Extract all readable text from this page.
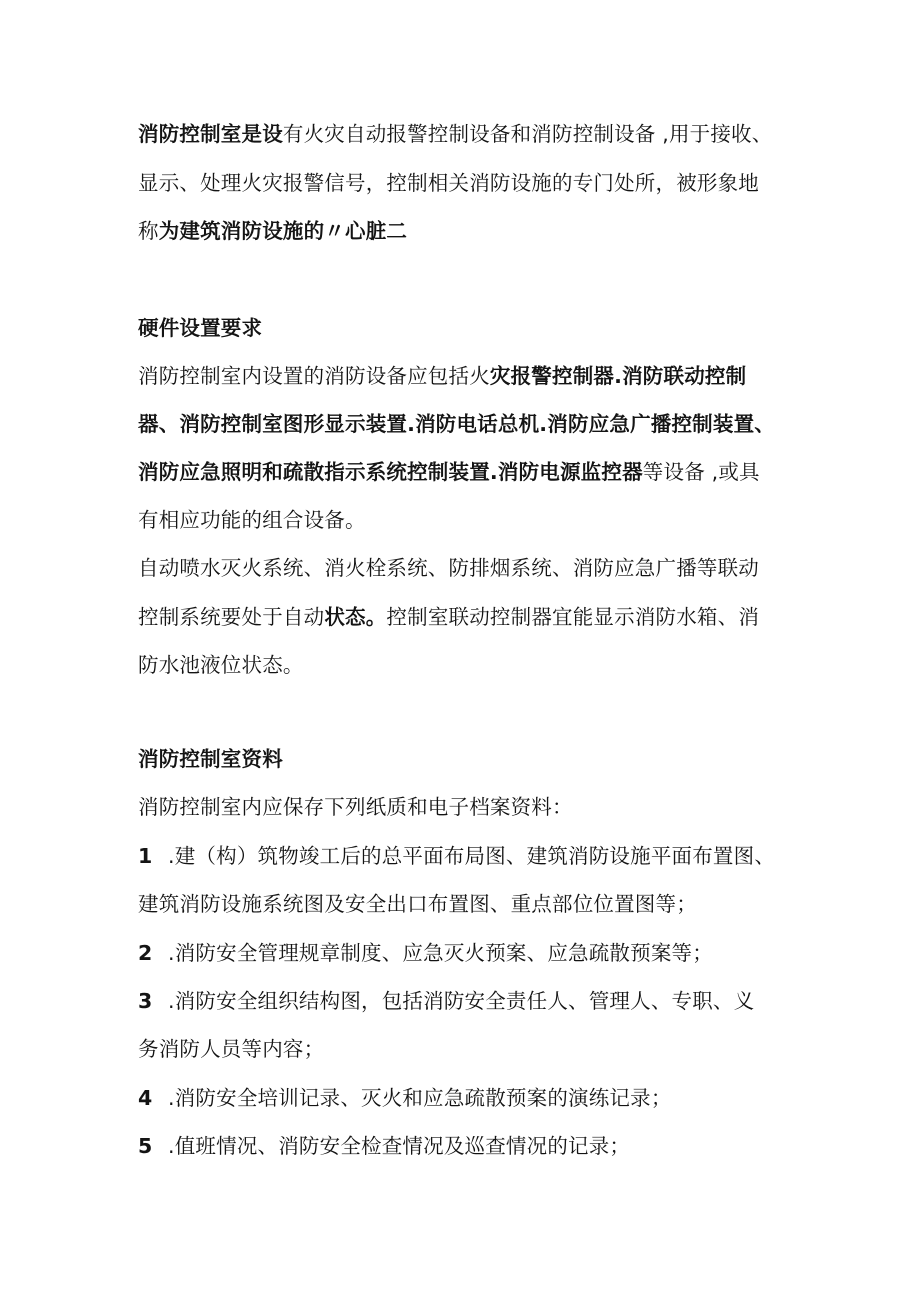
消防控制室是设有火灾自动报警控制设备和消防控制设备 ,用于接收、
显示、处理火灾报警信号，控制相关消防设施的专门处所，被形象地
称为建筑消防设施的〃心脏二
硬件设置要求
消防控制室内设置的消防设备应包括火灾报警控制器.消防联动控制
器、消防控制室图形显示装置.消防电话总机.消防应急广播控制装置、
消防应急照明和疏散指示系统控制装置.消防电源监控器等设备 ,或具
有相应功能的组合设备。
自动喷水灭火系统、消火栓系统、防排烟系统、消防应急广播等联动
控制系统要处于自动状态。控制室联动控制器宜能显示消防水箱、消
防水池液位状态。
消防控制室资料
消防控制室内应保存下列纸质和电子档案资料：
1 .建（构）筑物竣工后的总平面布局图、建筑消防设施平面布置图、
建筑消防设施系统图及安全出口布置图、重点部位位置图等；
2 .消防安全管理规章制度、应急灭火预案、应急疏散预案等；
3 .消防安全组织结构图，包括消防安全责任人、管理人、专职、义
务消防人员等内容；
4 .消防安全培训记录、灭火和应急疏散预案的演练记录；
5 .值班情况、消防安全检查情况及巡查情况的记录；
